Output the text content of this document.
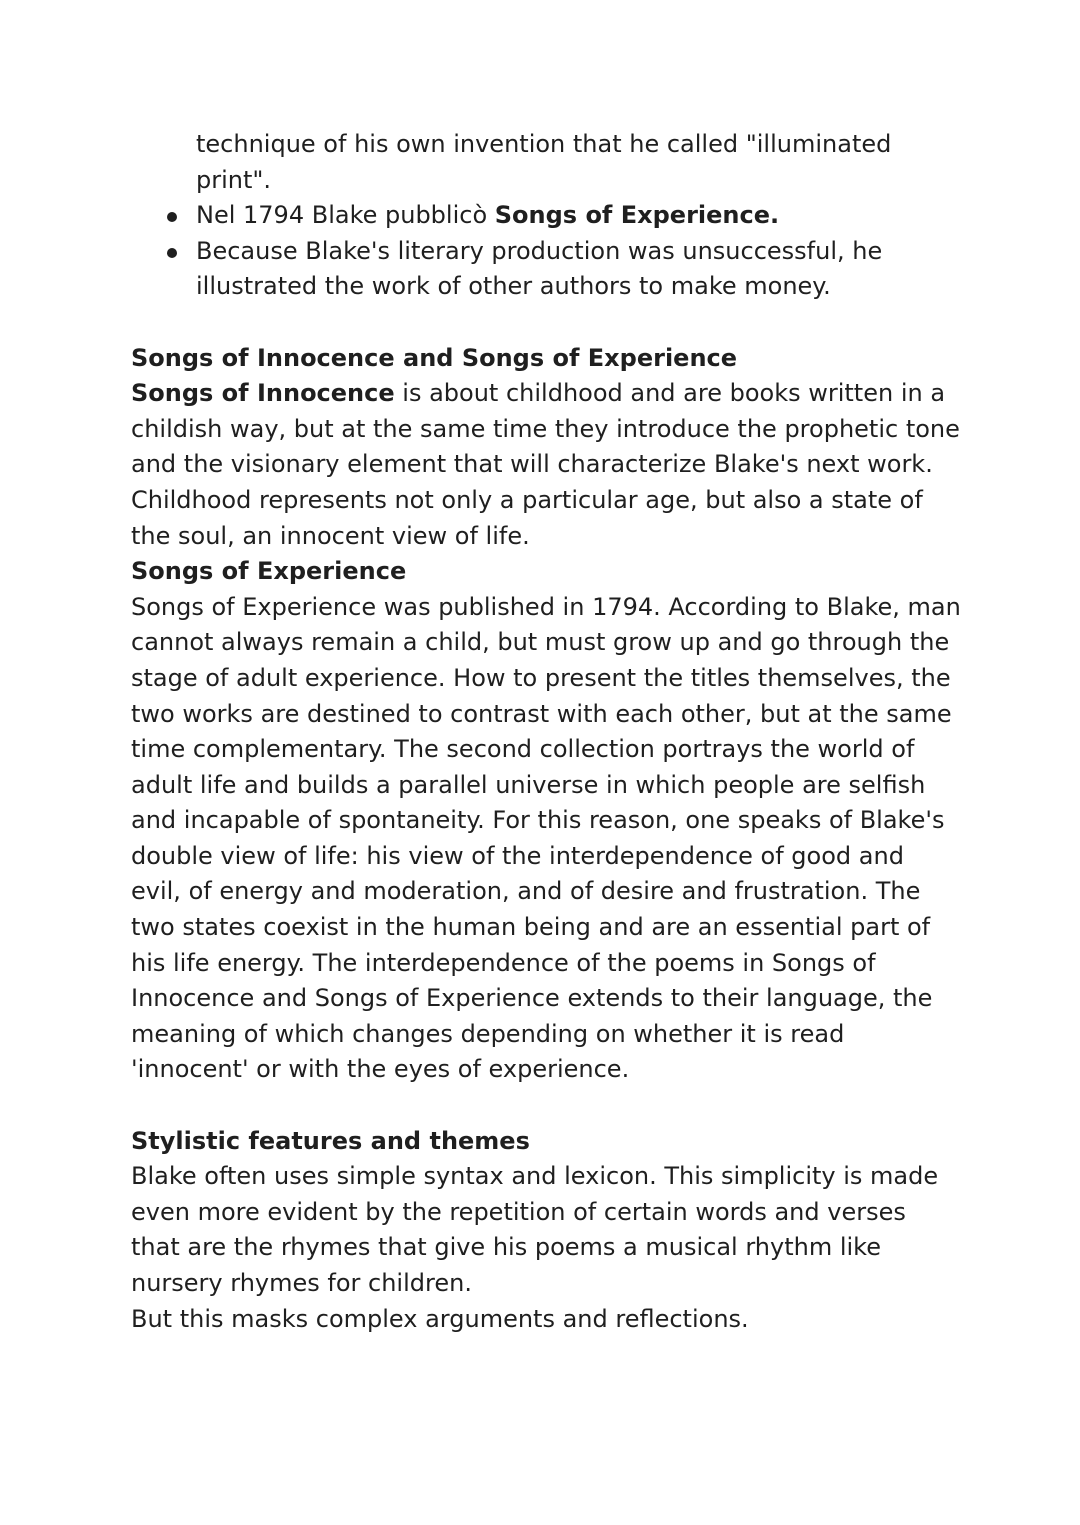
technique of his own invention that he called "illuminated print".
Nel 1794 Blake pubblicò Songs of Experience.
Because Blake's literary production was unsuccessful, he illustrated the work of other authors to make money.

Songs of Innocence and Songs of Experience

Songs of Innocence is about childhood and are books written in a childish way, but at the same time they introduce the prophetic tone and the visionary element that will characterize Blake's next work. Childhood represents not only a particular age, but also a state of the soul, an innocent view of life.

Songs of Experience

Songs of Experience was published in 1794. According to Blake, man cannot always remain a child, but must grow up and go through the stage of adult experience. How to present the titles themselves, the two works are destined to contrast with each other, but at the same time complementary. The second collection portrays the world of adult life and builds a parallel universe in which people are selfish and incapable of spontaneity. For this reason, one speaks of Blake's double view of life: his view of the interdependence of good and evil, of energy and moderation, and of desire and frustration. The two states coexist in the human being and are an essential part of his life energy. The interdependence of the poems in Songs of Innocence and Songs of Experience extends to their language, the meaning of which changes depending on whether it is read 'innocent' or with the eyes of experience.

Stylistic features and themes

Blake often uses simple syntax and lexicon. This simplicity is made even more evident by the repetition of certain words and verses that are the rhymes that give his poems a musical rhythm like nursery rhymes for children.

But this masks complex arguments and reflections.
